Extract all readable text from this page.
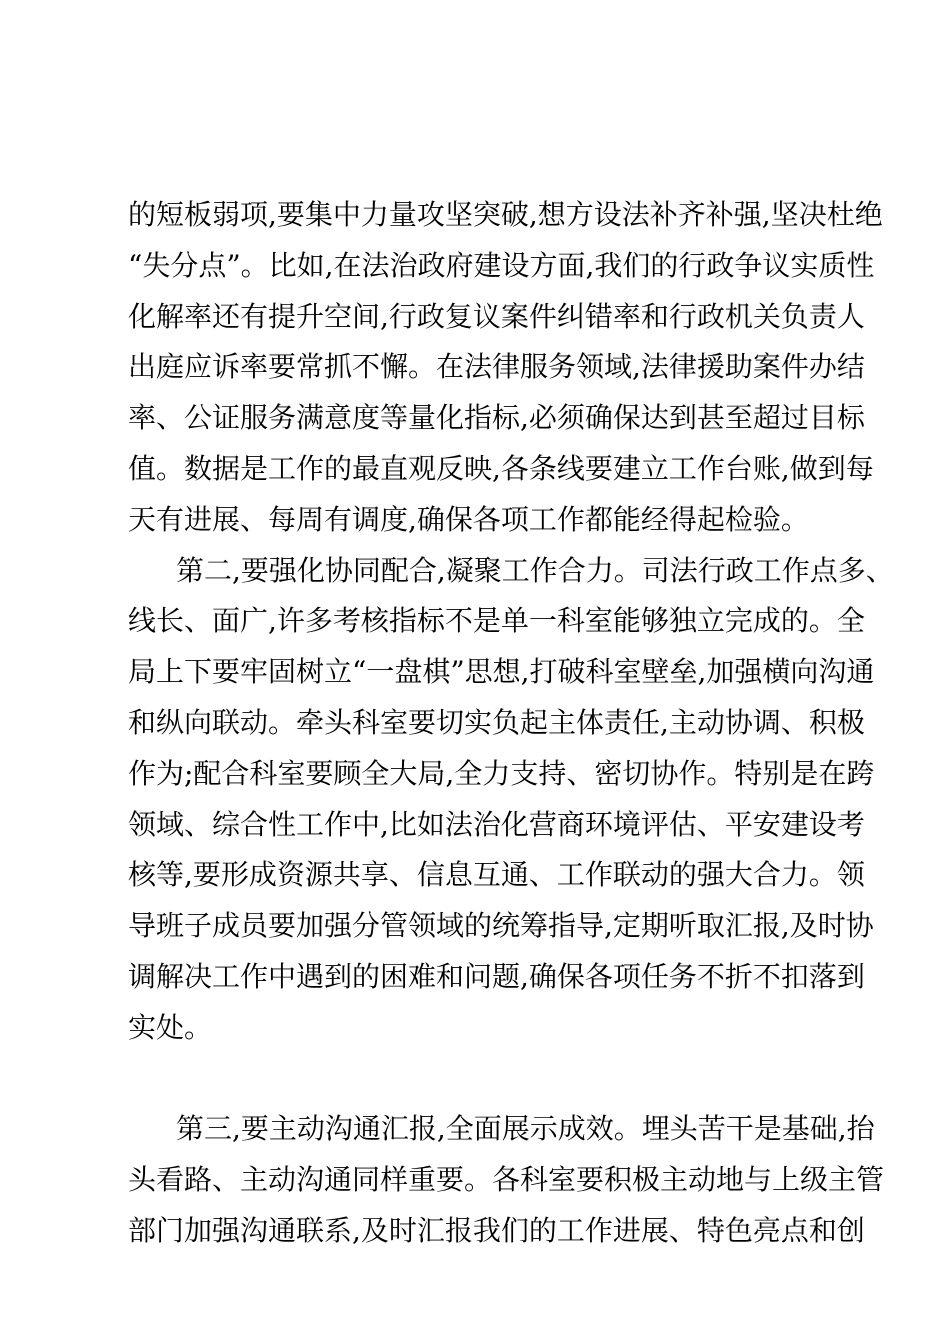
的短板弱项,要集中力量攻坚突破,想方设法补齐补强,坚决杜绝
“失分点”。比如,在法治政府建设方面,我们的行政争议实质性
化解率还有提升空间,行政复议案件纠错率和行政机关负责人
出庭应诉率要常抓不懈。在法律服务领域,法律援助案件办结
率、公证服务满意度等量化指标,必须确保达到甚至超过目标
值。数据是工作的最直观反映,各条线要建立工作台账,做到每
天有进展、每周有调度,确保各项工作都能经得起检验。
第二,要强化协同配合,凝聚工作合力。司法行政工作点多、
线长、面广,许多考核指标不是单一科室能够独立完成的。全
局上下要牢固树立“一盘棋”思想,打破科室壁垒,加强横向沟通
和纵向联动。牵头科室要切实负起主体责任,主动协调、积极
作为;配合科室要顾全大局,全力支持、密切协作。特别是在跨
领域、综合性工作中,比如法治化营商环境评估、平安建设考
核等,要形成资源共享、信息互通、工作联动的强大合力。领
导班子成员要加强分管领域的统筹指导,定期听取汇报,及时协
调解决工作中遇到的困难和问题,确保各项任务不折不扣落到
实处。
第三,要主动沟通汇报,全面展示成效。埋头苦干是基础,抬
头看路、主动沟通同样重要。各科室要积极主动地与上级主管
部门加强沟通联系,及时汇报我们的工作进展、特色亮点和创
